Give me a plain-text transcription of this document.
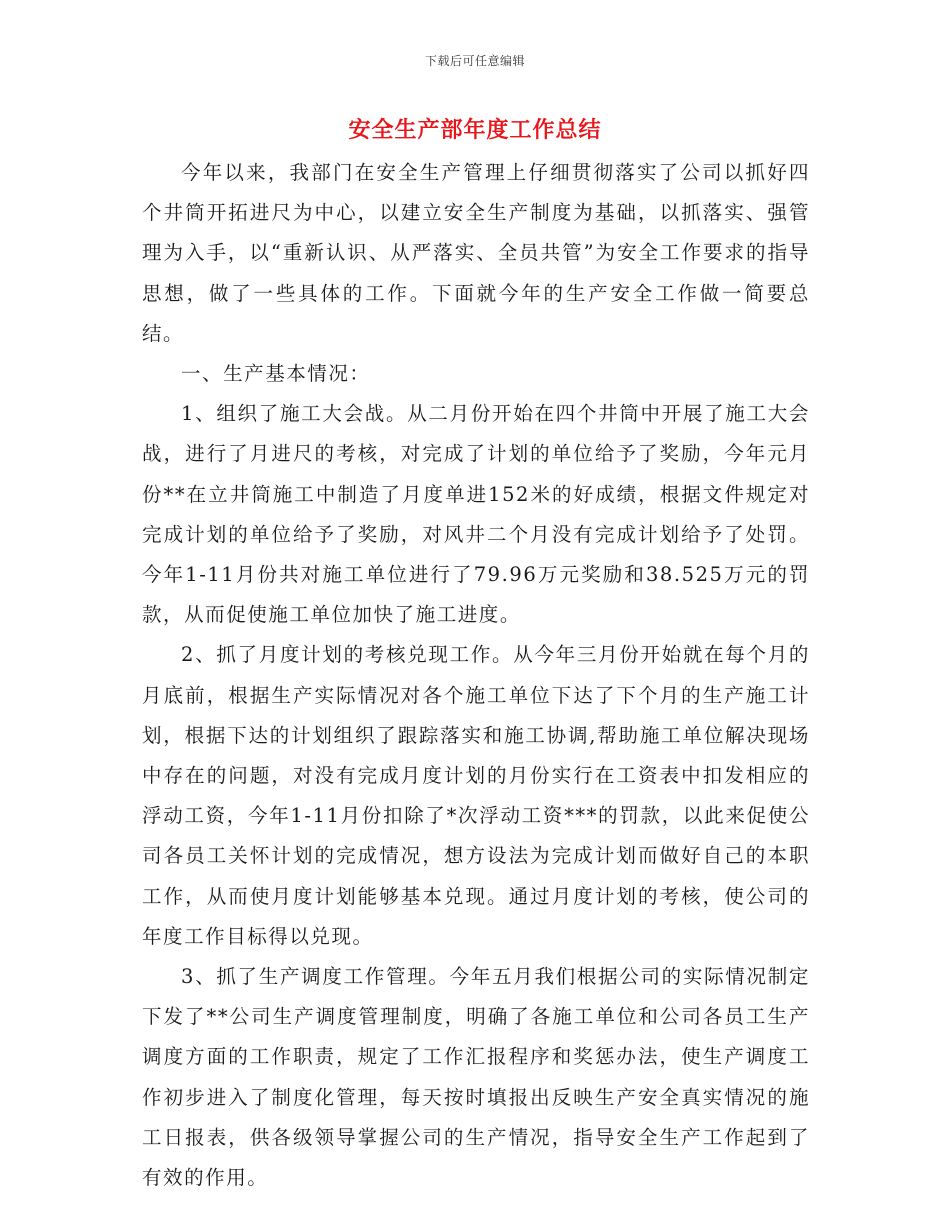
下载后可任意编辑
安全生产部年度工作总结

今年以来，我部门在安全生产管理上仔细贯彻落实了公司以抓好四个井筒开拓进尺为中心，以建立安全生产制度为基础，以抓落实、强管理为入手，以“重新认识、从严落实、全员共管”为安全工作要求的指导思想，做了一些具体的工作。下面就今年的生产安全工作做一简要总结。

一、生产基本情况：

1、组织了施工大会战。从二月份开始在四个井筒中开展了施工大会战，进行了月进尺的考核，对完成了计划的单位给予了奖励，今年元月份**在立井筒施工中制造了月度单进152米的好成绩，根据文件规定对完成计划的单位给予了奖励，对风井二个月没有完成计划给予了处罚。今年1-11月份共对施工单位进行了79.96万元奖励和38.525万元的罚款，从而促使施工单位加快了施工进度。

2、抓了月度计划的考核兑现工作。从今年三月份开始就在每个月的月底前，根据生产实际情况对各个施工单位下达了下个月的生产施工计划，根据下达的计划组织了跟踪落实和施工协调,帮助施工单位解决现场中存在的问题，对没有完成月度计划的月份实行在工资表中扣发相应的浮动工资，今年1-11月份扣除了*次浮动工资***的罚款，以此来促使公司各员工关怀计划的完成情况，想方设法为完成计划而做好自己的本职工作，从而使月度计划能够基本兑现。通过月度计划的考核，使公司的年度工作目标得以兑现。

3、抓了生产调度工作管理。今年五月我们根据公司的实际情况制定下发了**公司生产调度管理制度，明确了各施工单位和公司各员工生产调度方面的工作职责，规定了工作汇报程序和奖惩办法，使生产调度工作初步进入了制度化管理，每天按时填报出反映生产安全真实情况的施工日报表，供各级领导掌握公司的生产情况，指导安全生产工作起到了有效的作用。
